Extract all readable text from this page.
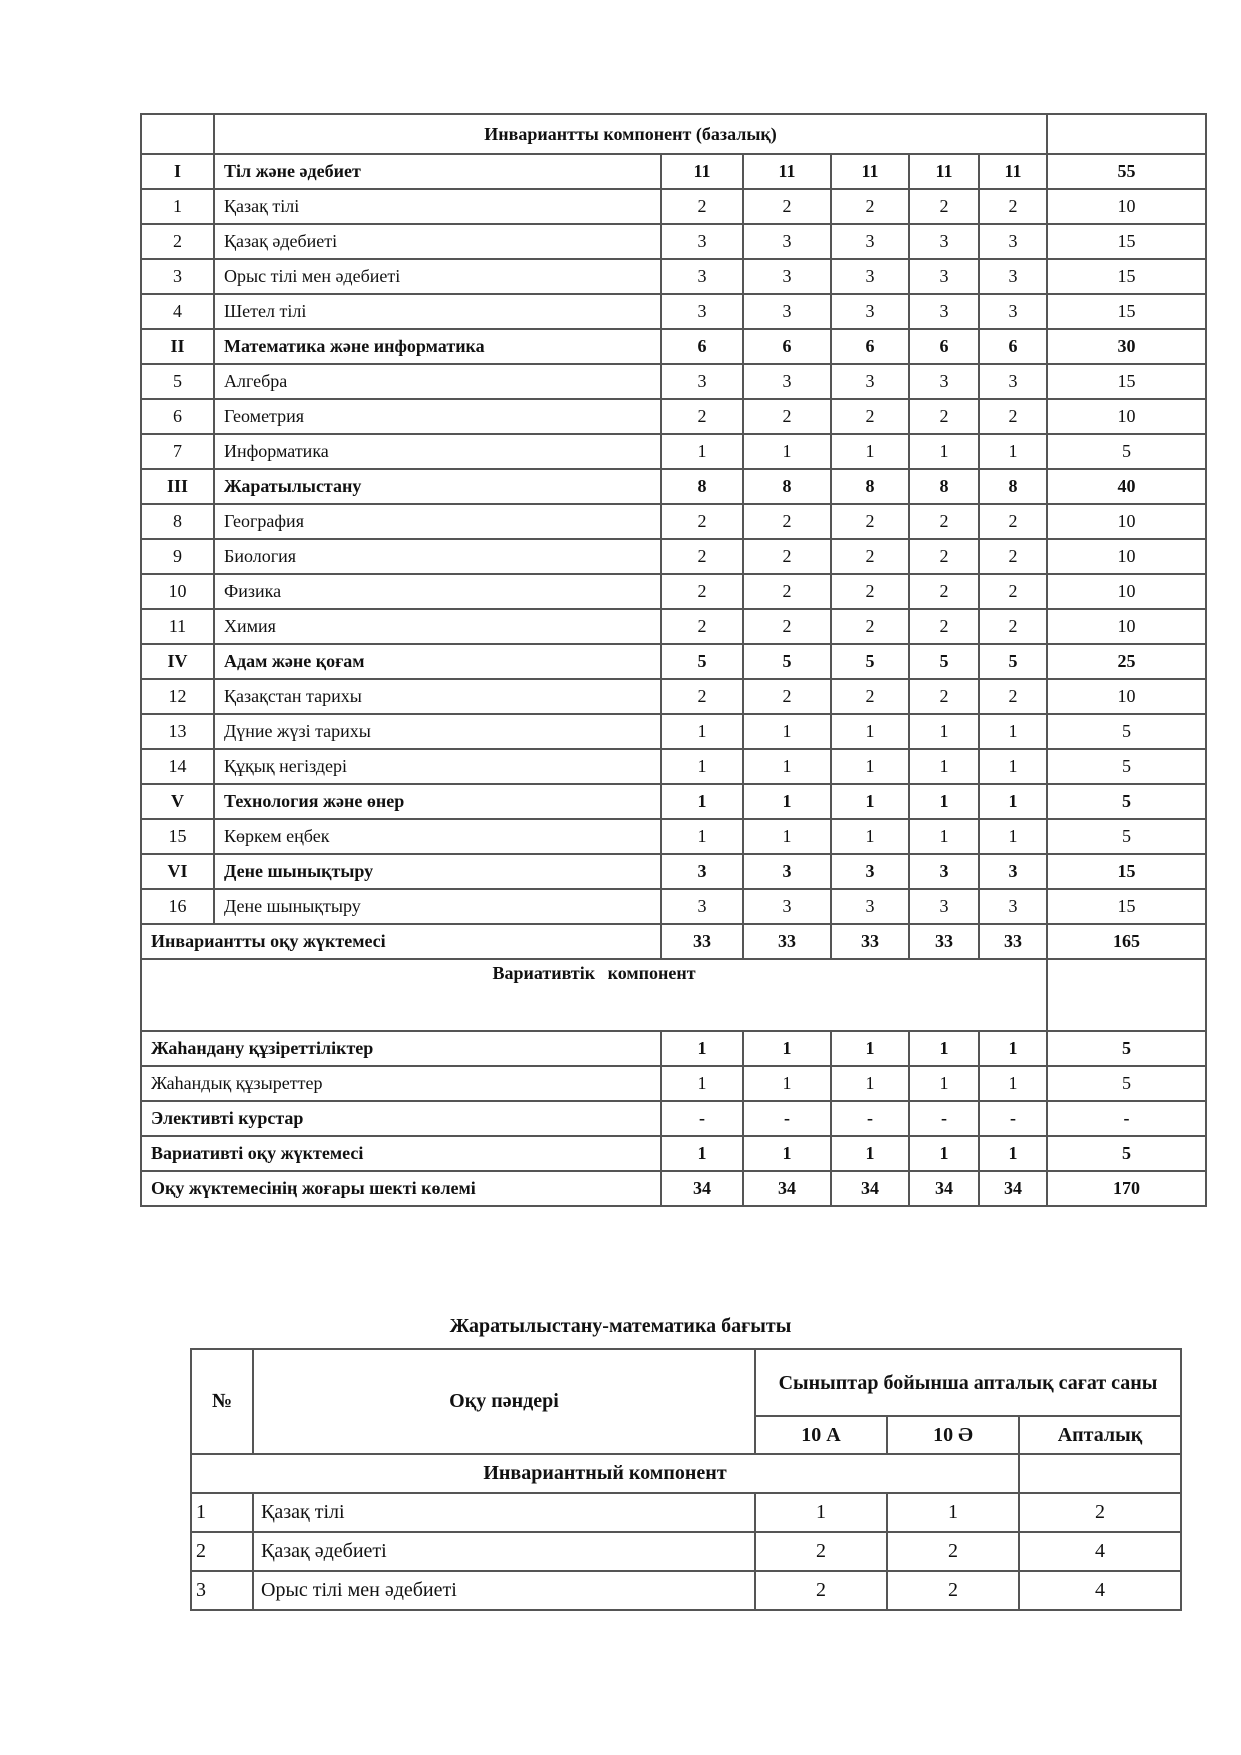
	Инвариантты компонент (базалық)						
I	Тіл және әдебиет	11	11	11	11	11	55
1	Қазақ тілі	2	2	2	2	2	10
2	Қазақ әдебиеті	3	3	3	3	3	15
3	Орыс тілі мен әдебиеті	3	3	3	3	3	15
4	Шетел тілі	3	3	3	3	3	15
II	Математика және информатика	6	6	6	6	6	30
5	Алгебра	3	3	3	3	3	15
6	Геометрия	2	2	2	2	2	10
7	Информатика	1	1	1	1	1	5
III	Жаратылыстану	8	8	8	8	8	40
8	География	2	2	2	2	2	10
9	Биология	2	2	2	2	2	10
10	Физика	2	2	2	2	2	10
11	Химия	2	2	2	2	2	10
IV	Адам және қоғам	5	5	5	5	5	25
12	Қазақстан тарихы	2	2	2	2	2	10
13	Дүние жүзі тарихы	1	1	1	1	1	5
14	Құқық негіздері	1	1	1	1	1	5
V	Технология және өнер	1	1	1	1	1	5
15	Көркем еңбек	1	1	1	1	1	5
VI	Дене шынықтыру	3	3	3	3	3	15
16	Дене шынықтыру	3	3	3	3	3	15
Инвариантты оқу жүктемесі		33	33	33	33	33	165
Вариативтік компонент							
Жаһандану құзіреттіліктер		1	1	1	1	1	5
Жаһандық құзыреттер		1	1	1	1	1	5
Элективті курстар		-	-	-	-	-	-
Вариативті оқу жүктемесі		1	1	1	1	1	5
Оқу жүктемесінің жоғары шекті көлемі		34	34	34	34	34	170
Жаратылыстану-математика бағыты
№	Оқу пәндері	Сыныптар бойынша апталық сағат саны		
		10 А	10 Ә	Апталық
Инвариантный компонент				
1	Қазақ тілі	1	1	2
2	Қазақ әдебиеті	2	2	4
3	Орыс тілі мен әдебиеті	2	2	4
